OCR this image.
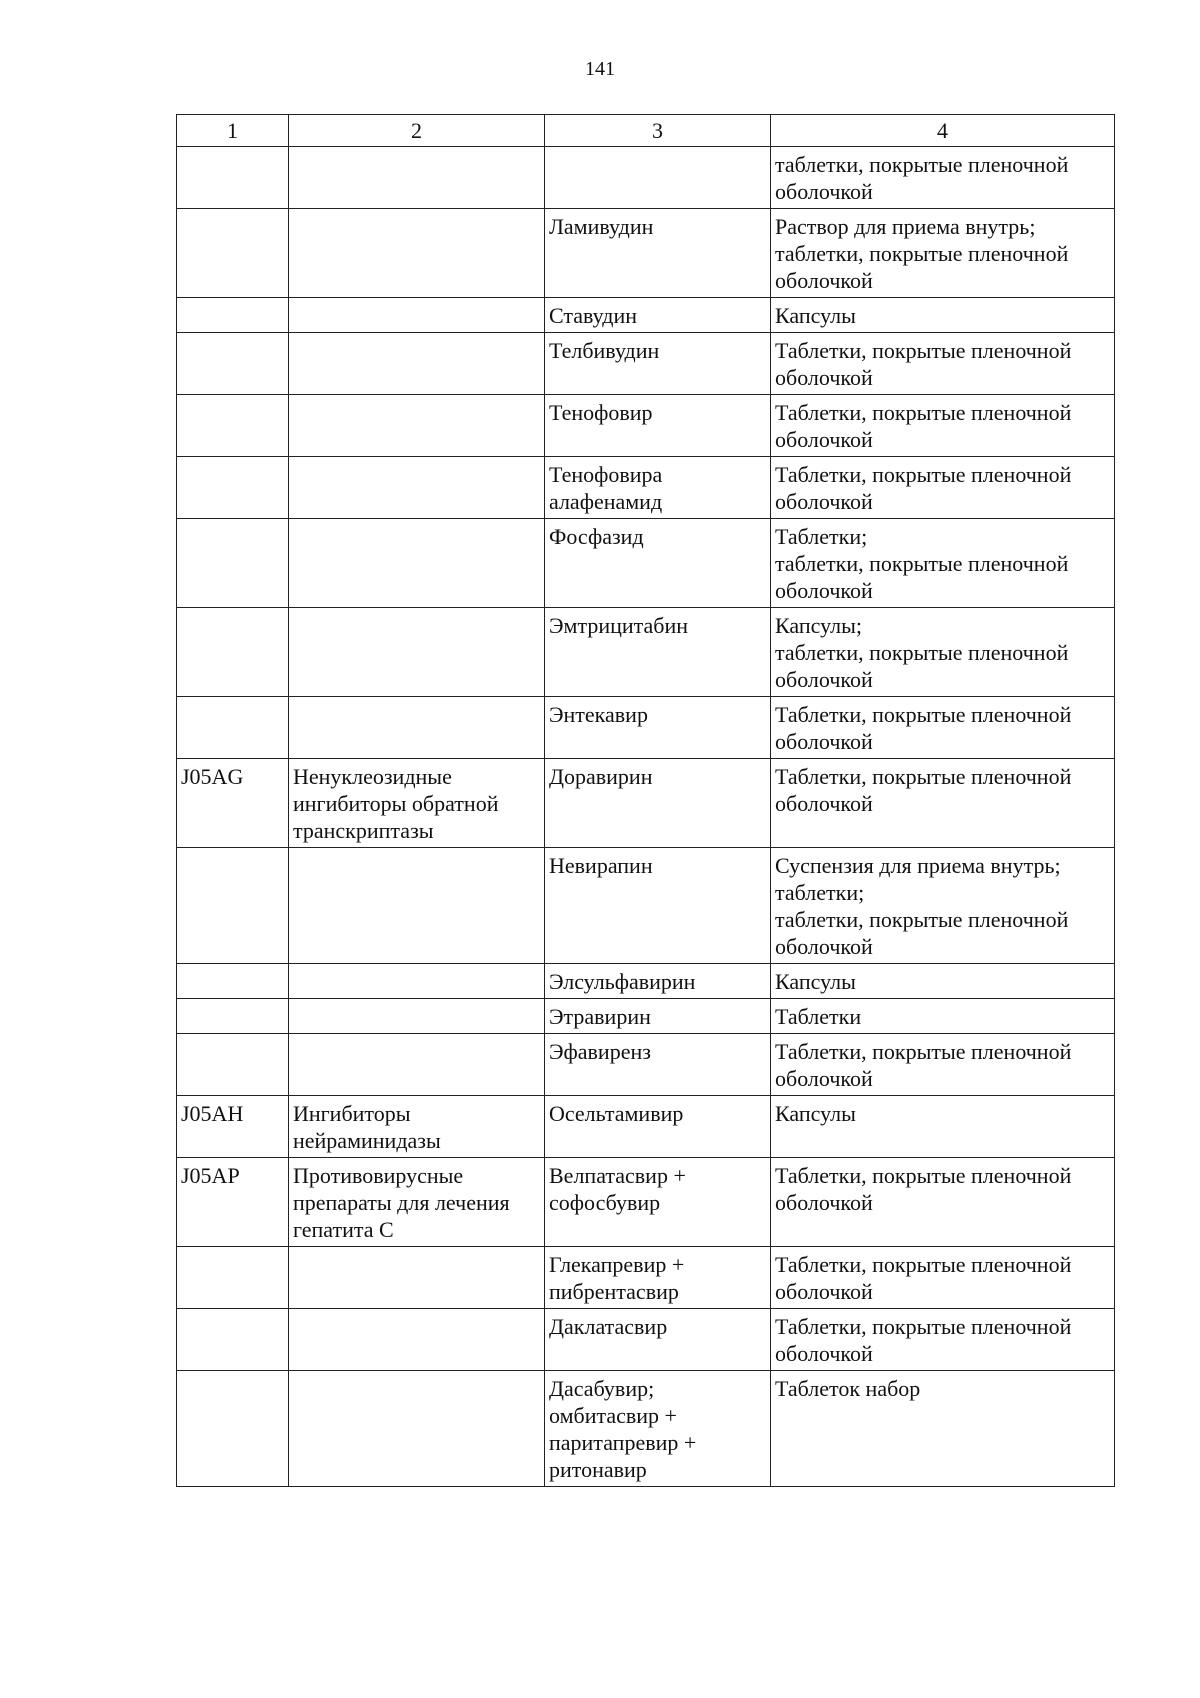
141
1	2	3	4

			таблетки, покрытые пленочной оболочкой

		Ламивудин	Раствор для приема внутрь;
таблетки, покрытые пленочной оболочкой

		Ставудин	Капсулы

		Телбивудин	Таблетки, покрытые пленочной оболочкой

		Тенофовир	Таблетки, покрытые пленочной оболочкой

		Тенофовира алафенамид	Таблетки, покрытые пленочной оболочкой

		Фосфазид	Таблетки;
таблетки, покрытые пленочной оболочкой

		Эмтрицитабин	Капсулы;
таблетки, покрытые пленочной оболочкой

		Энтекавир	Таблетки, покрытые пленочной оболочкой

J05AG	Ненуклеозидные ингибиторы обратной транскриптазы	Доравирин	Таблетки, покрытые пленочной оболочкой

		Невирапин	Суспензия для приема внутрь;
таблетки;
таблетки, покрытые пленочной оболочкой

		Элсульфавирин	Капсулы

		Этравирин	Таблетки

		Эфавиренз	Таблетки, покрытые пленочной оболочкой

J05AH	Ингибиторы нейраминидазы	Осельтамивир	Капсулы

J05AP	Противовирусные препараты для лечения гепатита С	Велпатасвир + софосбувир	Таблетки, покрытые пленочной оболочкой

		Глекапревир + пибрентасвир	Таблетки, покрытые пленочной оболочкой

		Даклатасвир	Таблетки, покрытые пленочной оболочкой

		Дасабувир; омбитасвир + паритапревир + ритонавир	Таблеток набор
